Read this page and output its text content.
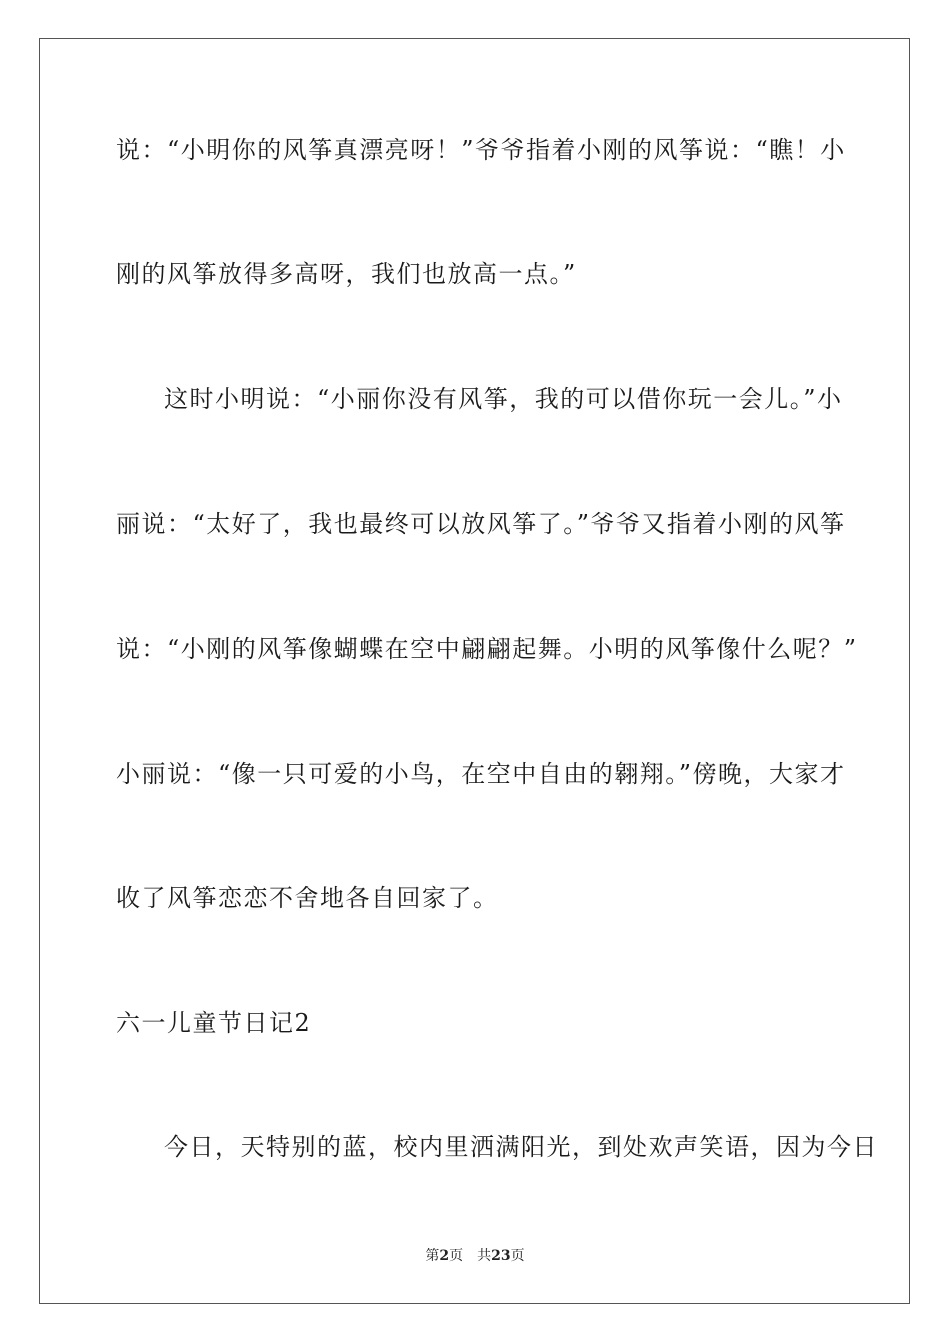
说：“小明你的风筝真漂亮呀！”爷爷指着小刚的风筝说：“瞧！小
刚的风筝放得多高呀，我们也放高一点。”
这时小明说：“小丽你没有风筝，我的可以借你玩一会儿。”小
丽说：“太好了，我也最终可以放风筝了。”爷爷又指着小刚的风筝
说：“小刚的风筝像蝴蝶在空中翩翩起舞。小明的风筝像什么呢？”
小丽说：“像一只可爱的小鸟，在空中自由的翱翔。”傍晚，大家才
收了风筝恋恋不舍地各自回家了。
六一儿童节日记2
今日，天特别的蓝，校内里洒满阳光，到处欢声笑语，因为今日
第2页 共23页
